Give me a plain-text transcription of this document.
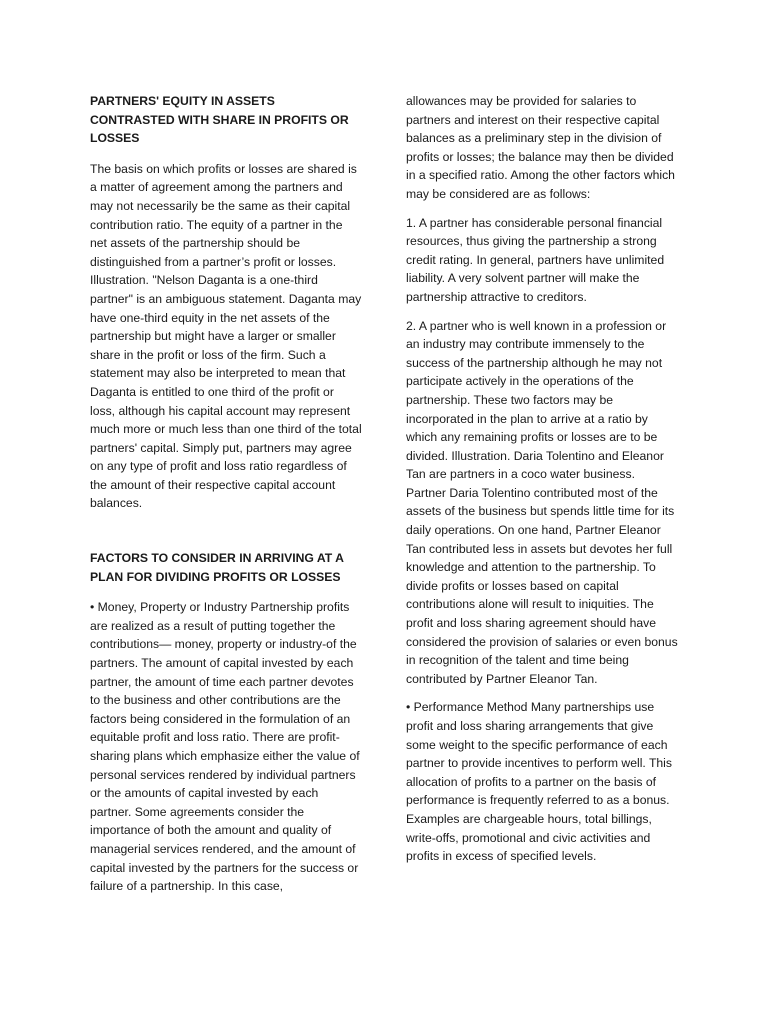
PARTNERS' EQUITY IN ASSETS CONTRASTED WITH SHARE IN PROFITS OR LOSSES

The basis on which profits or losses are shared is a matter of agreement among the partners and may not necessarily be the same as their capital contribution ratio. The equity of a partner in the net assets of the partnership should be distinguished from a partner’s profit or losses. Illustration. "Nelson Daganta is a one-third partner" is an ambiguous statement. Daganta may have one-third equity in the net assets of the partnership but might have a larger or smaller share in the profit or loss of the firm. Such a statement may also be interpreted to mean that Daganta is entitled to one third of the profit or loss, although his capital account may represent much more or much less than one third of the total partners' capital. Simply put, partners may agree on any type of profit and loss ratio regardless of the amount of their respective capital account balances.

FACTORS TO CONSIDER IN ARRIVING AT A PLAN FOR DIVIDING PROFITS OR LOSSES

• Money, Property or Industry Partnership profits are realized as a result of putting together the contributions— money, property or industry-of the partners. The amount of capital invested by each partner, the amount of time each partner devotes to the business and other contributions are the factors being considered in the formulation of an equitable profit and loss ratio. There are profit-sharing plans which emphasize either the value of personal services rendered by individual partners or the amounts of capital invested by each partner. Some agreements consider the importance of both the amount and quality of managerial services rendered, and the amount of capital invested by the partners for the success or failure of a partnership. In this case,

allowances may be provided for salaries to partners and interest on their respective capital balances as a preliminary step in the division of profits or losses; the balance may then be divided in a specified ratio. Among the other factors which may be considered are as follows:

1. A partner has considerable personal financial resources, thus giving the partnership a strong credit rating. In general, partners have unlimited liability. A very solvent partner will make the partnership attractive to creditors.

2. A partner who is well known in a profession or an industry may contribute immensely to the success of the partnership although he may not participate actively in the operations of the partnership. These two factors may be incorporated in the plan to arrive at a ratio by which any remaining profits or losses are to be divided. Illustration. Daria Tolentino and Eleanor Tan are partners in a coco water business. Partner Daria Tolentino contributed most of the assets of the business but spends little time for its daily operations. On one hand, Partner Eleanor Tan contributed less in assets but devotes her full knowledge and attention to the partnership. To divide profits or losses based on capital contributions alone will result to iniquities. The profit and loss sharing agreement should have considered the provision of salaries or even bonus in recognition of the talent and time being contributed by Partner Eleanor Tan.

• Performance Method Many partnerships use profit and loss sharing arrangements that give some weight to the specific performance of each partner to provide incentives to perform well. This allocation of profits to a partner on the basis of performance is frequently referred to as a bonus. Examples are chargeable hours, total billings, write-offs, promotional and civic activities and profits in excess of specified levels.
